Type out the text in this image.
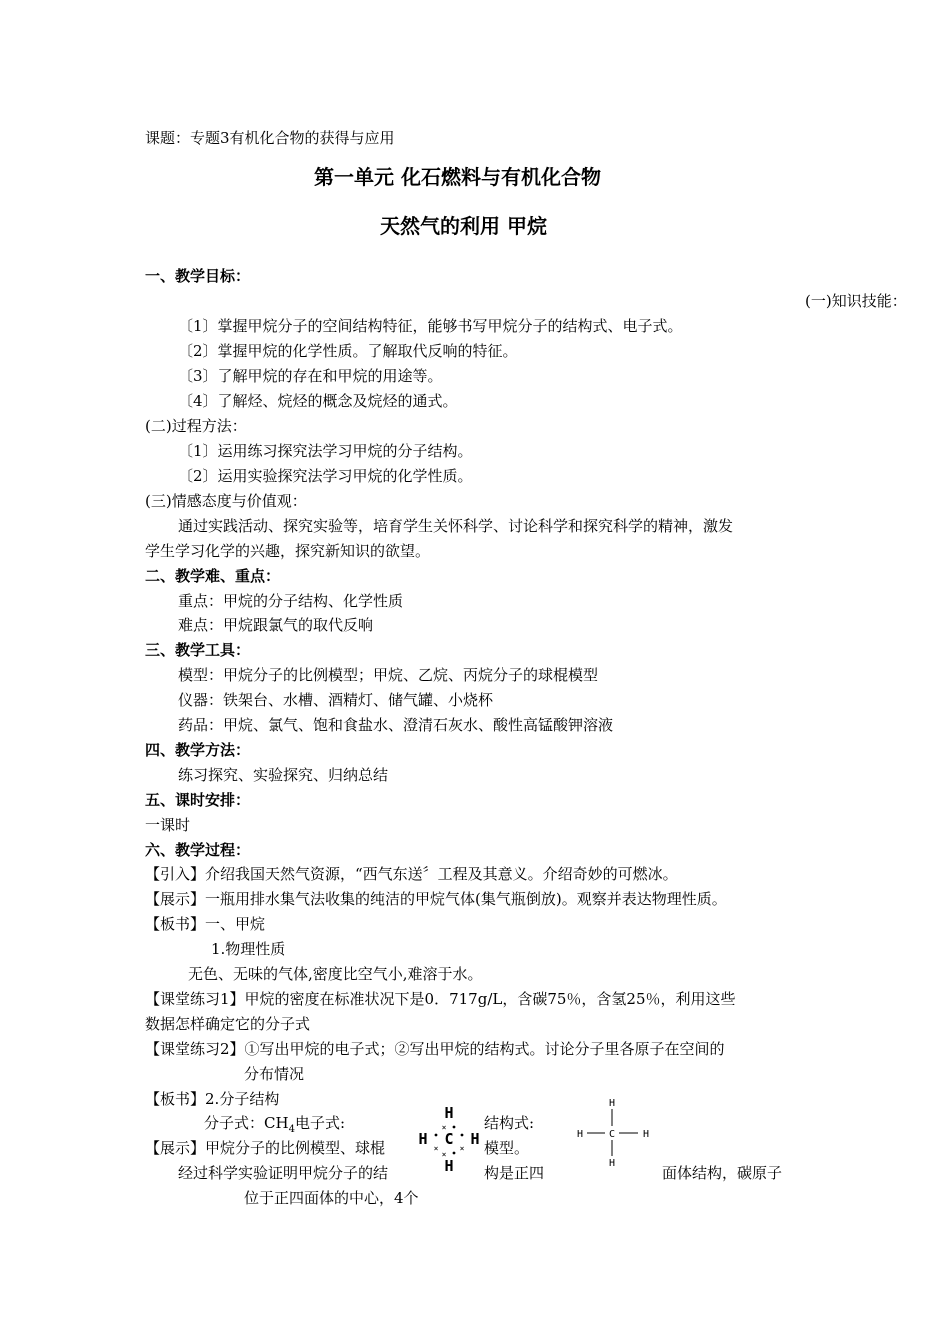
课题：专题3有机化合物的获得与应用
第一单元 化石燃料与有机化合物
天然气的利用 甲烷
一、教学目标：
(一)知识技能：
〔1〕掌握甲烷分子的空间结构特征，能够书写甲烷分子的结构式、电子式。
〔2〕掌握甲烷的化学性质。了解取代反响的特征。
〔3〕了解甲烷的存在和甲烷的用途等。
〔4〕了解烃、烷烃的概念及烷烃的通式。
(二)过程方法：
〔1〕运用练习探究法学习甲烷的分子结构。
〔2〕运用实验探究法学习甲烷的化学性质。
(三)情感态度与价值观：
通过实践活动、探究实验等，培育学生关怀科学、讨论科学和探究科学的精神，激发
学生学习化学的兴趣，探究新知识的欲望。
二、教学难、重点：
重点：甲烷的分子结构、化学性质
难点：甲烷跟氯气的取代反响
三、教学工具：
模型：甲烷分子的比例模型；甲烷、乙烷、丙烷分子的球棍模型
仪器：铁架台、水槽、酒精灯、储气罐、小烧杯
药品：甲烷、氯气、饱和食盐水、澄清石灰水、酸性高锰酸钾溶液
四、教学方法：
练习探究、实验探究、归纳总结
五、课时安排：
一课时
六、教学过程：
【引入】介绍我国天然气资源，“西气东送〞工程及其意义。介绍奇妙的可燃冰。
【展示】一瓶用排水集气法收集的纯洁的甲烷气体(集气瓶倒放)。观察并表达物理性质。
【板书】一、甲烷
1.物理性质
无色、无味的气体,密度比空气小,难溶于水。
【课堂练习1】甲烷的密度在标准状况下是0．717g/L，含碳75％，含氢25％，利用这些
数据怎样确定它的分子式
【课堂练习2】①写出甲烷的电子式；②写出甲烷的结构式。讨论分子里各原子在空间的
分布情况
【板书】2.分子结构
分子式：$CH_4$电子式:	结构式:
H
H C H
H
×
×	×
×
H
H	C	H
H
【展示】甲烷分子的比例模型、球棍	模型。
经过科学实验证明甲烷分子的结	构是正四	面体结构，碳原子
位于正四面体的中心，4个
